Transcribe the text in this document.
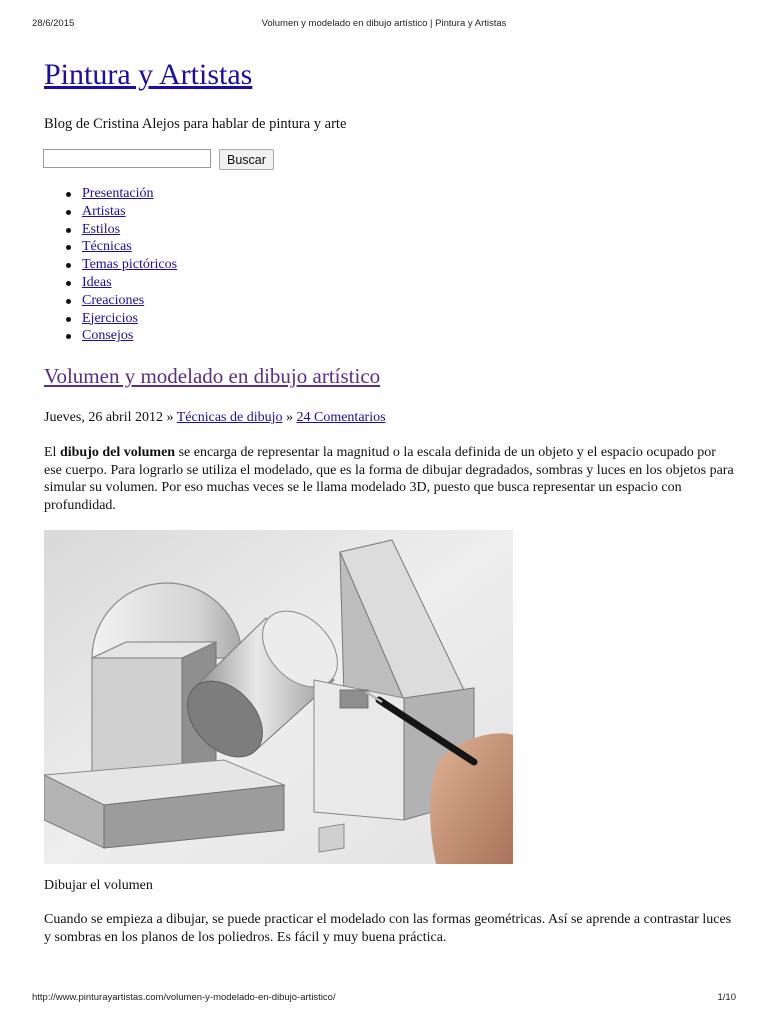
Volumen y modelado en dibujo artístico | Pintura y Artistas
28/6/2015
Pintura y Artistas
Blog de Cristina Alejos para hablar de pintura y arte
Buscar
Presentación
Artistas
Estilos
Técnicas
Temas pictóricos
Ideas
Creaciones
Ejercicios
Consejos
Volumen y modelado en dibujo artístico
Jueves, 26 abril 2012 » Técnicas de dibujo » 24 Comentarios

El dibujo del volumen se encarga de representar la magnitud o la escala definida de un objeto y el espacio ocupado por ese cuerpo. Para lograrlo se utiliza el modelado, que es la forma de dibujar degradados, sombras y luces en los objetos para simular su volumen. Por eso muchas veces se le llama modelado 3D, puesto que busca representar un espacio con profundidad.

Dibujar el volumen

Cuando se empieza a dibujar, se puede practicar el modelado con las formas geométricas. Así se aprende a contrastar luces y sombras en los planos de los poliedros. Es fácil y muy buena práctica.

http://www.pinturayartistas.com/volumen-y-modelado-en-dibujo-artistico/	1/10
